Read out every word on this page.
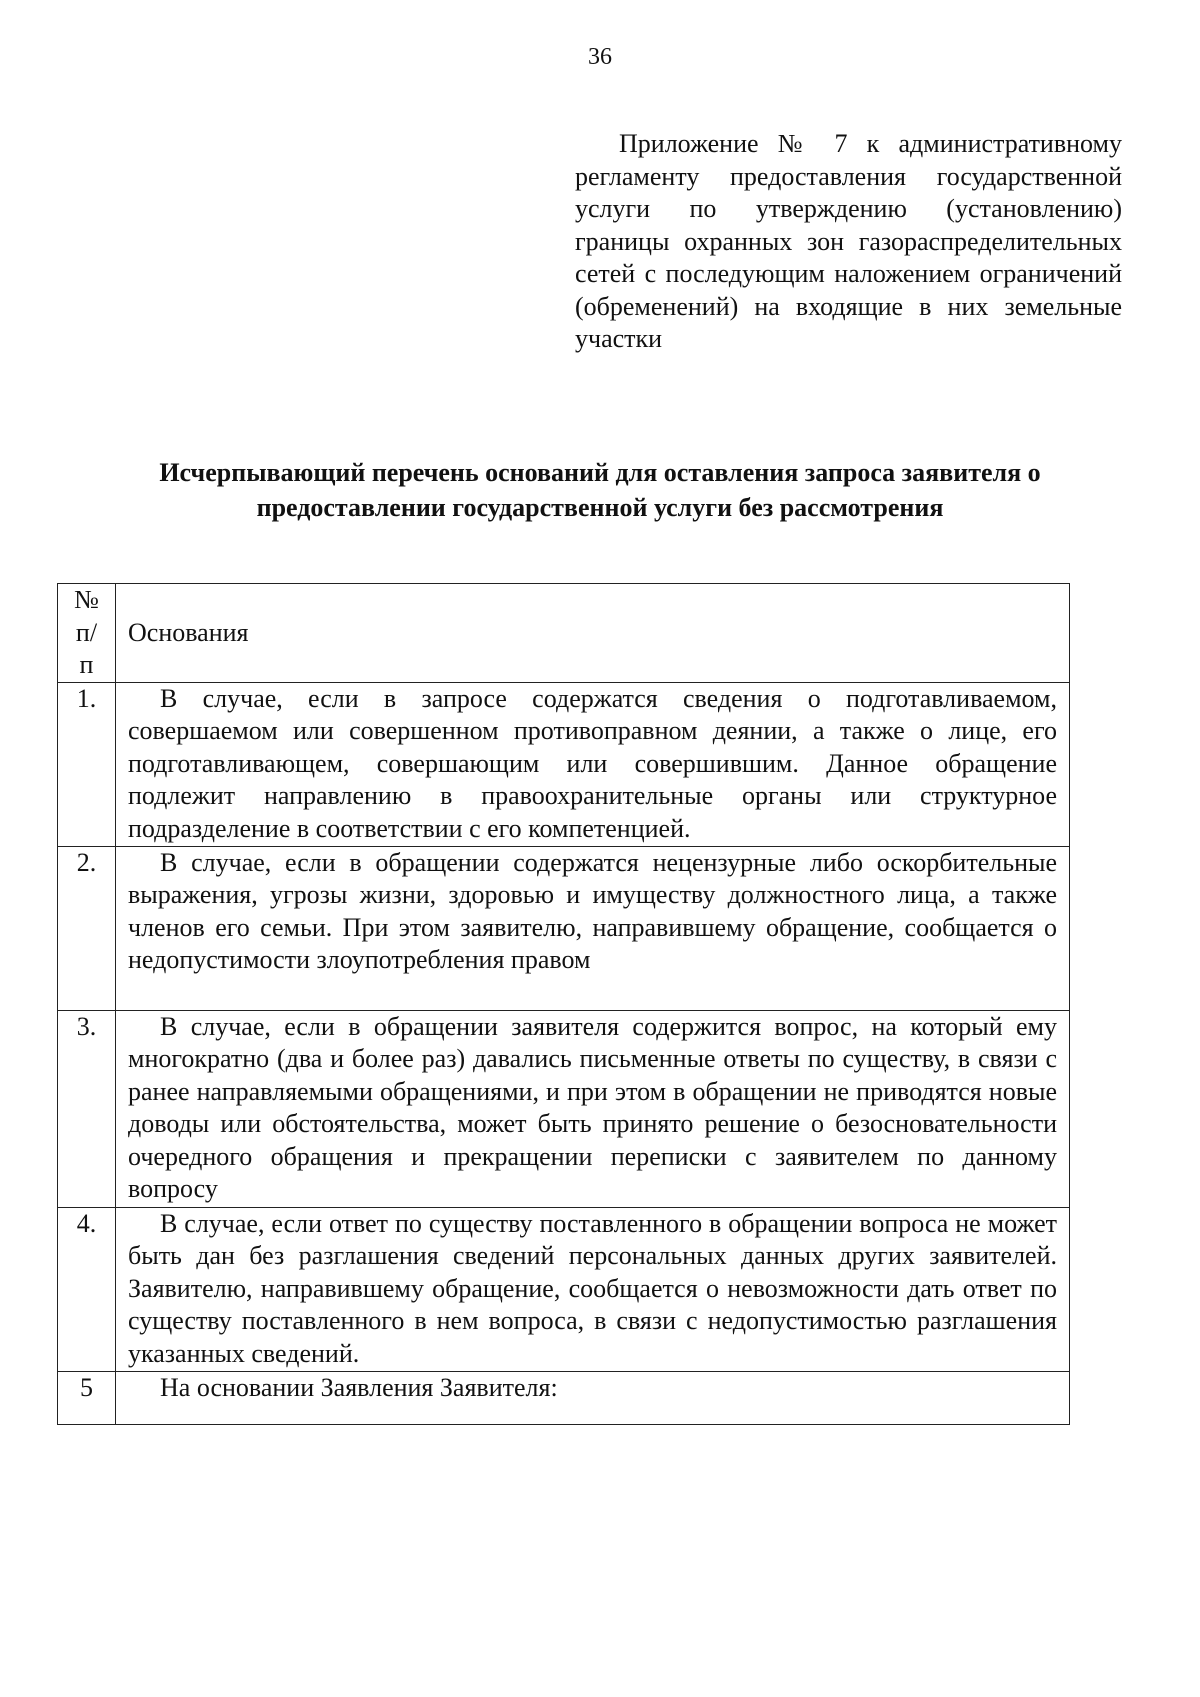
36
Приложение № 7 к административному регламенту предоставления государственной услуги по утверждению (установлению) границы охранных зон газораспределительных сетей с последующим наложением ограничений (обременений) на входящие в них земельные участки
Исчерпывающий перечень оснований для оставления запроса заявителя о
предоставлении государственной услуги без рассмотрения
№
п/
п	Основания
1.	В случае, если в запросе содержатся сведения о подготавливаемом, совершаемом или совершенном противоправном деянии, а также о лице, его подготавливающем, совершающим или совершившим. Данное обращение подлежит направлению в правоохранительные органы или структурное подразделение в соответствии с его компетенцией.
2.	В случае, если в обращении содержатся нецензурные либо оскорбительные выражения, угрозы жизни, здоровью и имуществу должностного лица, а также членов его семьи. При этом заявителю, направившему обращение, сообщается о недопустимости злоупотребления правом
3.	В случае, если в обращении заявителя содержится вопрос, на который ему многократно (два и более раз) давались письменные ответы по существу, в связи с ранее направляемыми обращениями, и при этом в обращении не приводятся новые доводы или обстоятельства, может быть принято решение о безосновательности очередного обращения и прекращении переписки с заявителем по данному вопросу
4.	В случае, если ответ по существу поставленного в обращении вопроса не может быть дан без разглашения сведений персональных данных других заявителей. Заявителю, направившему обращение, сообщается о невозможности дать ответ по существу поставленного в нем вопроса, в связи с недопустимостью разглашения указанных сведений.
5	На основании Заявления Заявителя:
